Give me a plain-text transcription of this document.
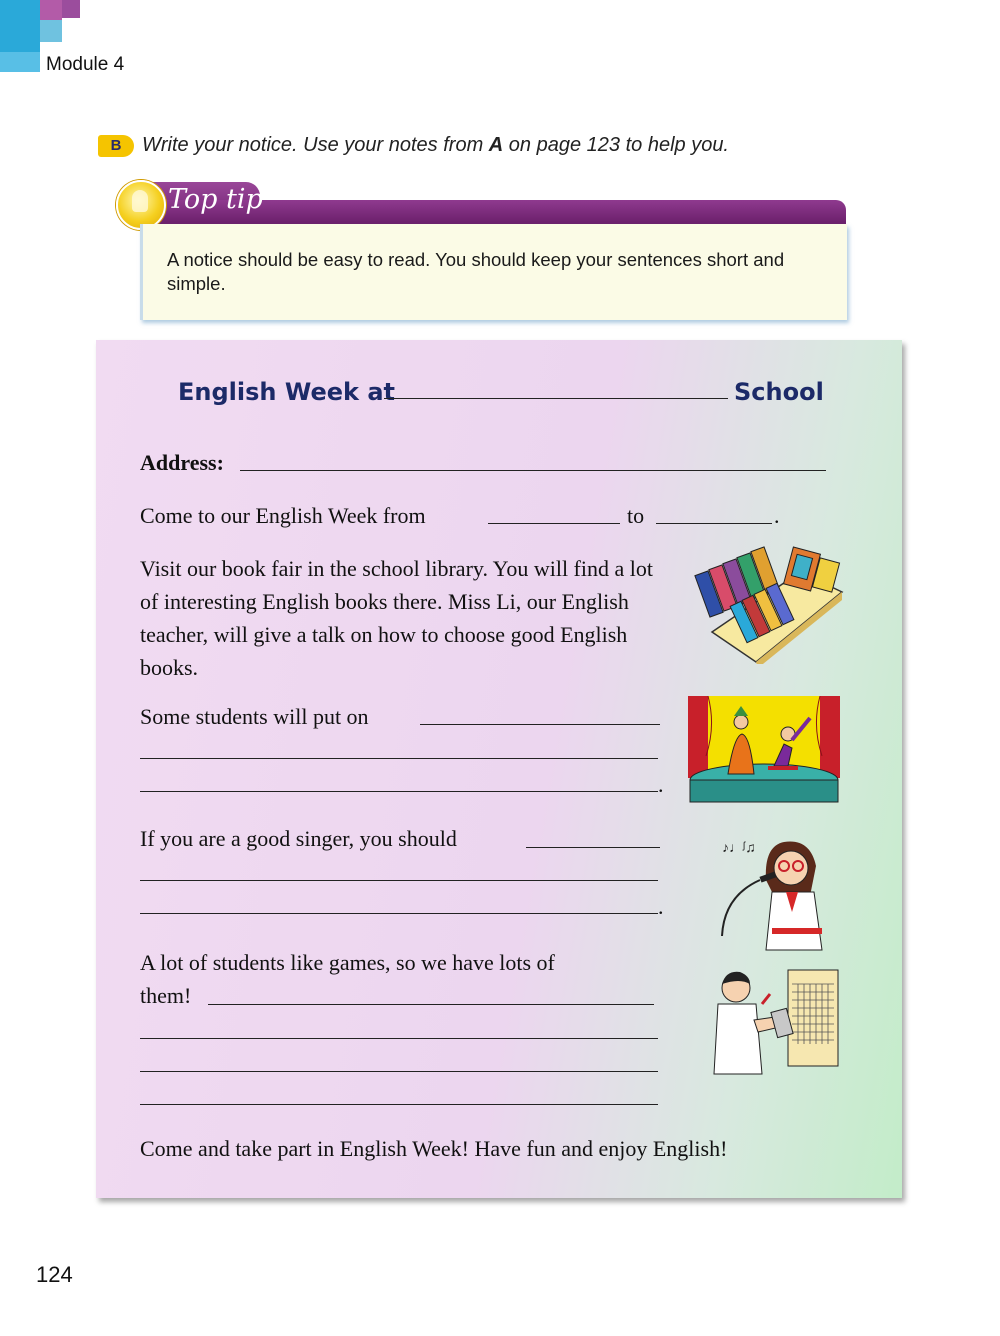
Module 4
B	Write your notice. Use your notes from A on page 123 to help you.
Top tip
A notice should be easy to read. You should keep your sentences short and simple.
English Week at	School
Address:
Come to our English Week from	to	.
Visit our book fair in the school library. You will find a lot of interesting English books there. Miss Li, our English teacher, will give a talk on how to choose good English books.
Some students will put on
.
If you are a good singer, you should
.
A lot of students like games, so we have lots of
them!
Come and take part in English Week! Have fun and enjoy English!
♪♩ᶴ♫
124
